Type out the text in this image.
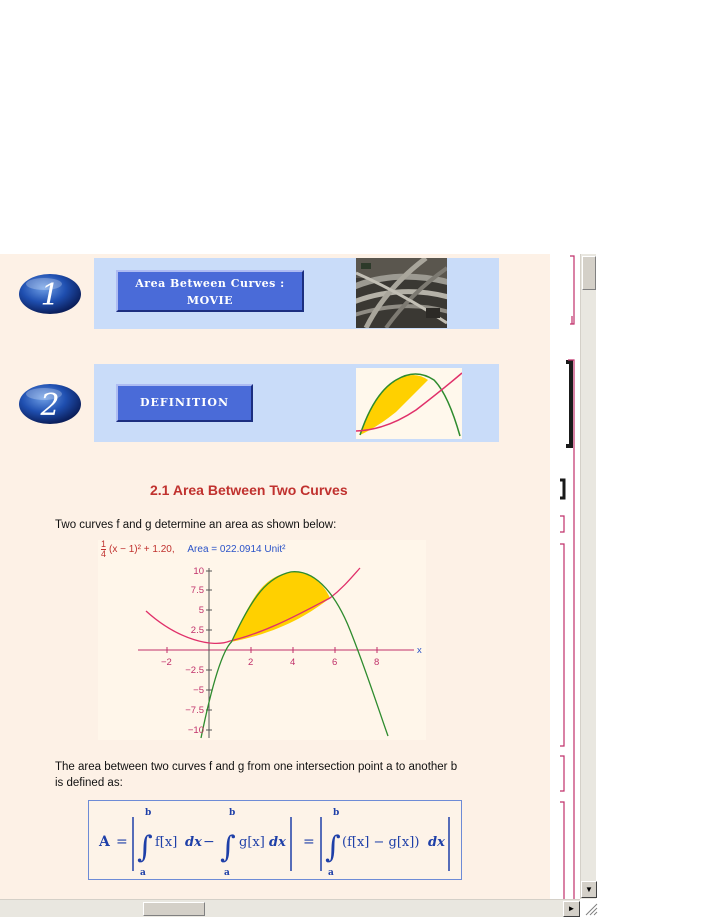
1	Area Between Curves :
MOVIE
2	DEFINITION
2.1 Area Between Two Curves
Two curves f and g determine an area as shown below:
−2	2	4	6	8
x
10
7.5
5
2.5
−2.5
−5
−7.5
−10
$\frac{1}{4} (x - 1)^2 + 1.20$, Area = 022.0914 Unit²
The area between two curves f and g from one intersection point a to another b
is defined as:
A = ∫
b
a
f[x] dx − ∫
b
a
g[x] dx = ∫
b
a
(f[x] − g[x]) dx
▼
►
